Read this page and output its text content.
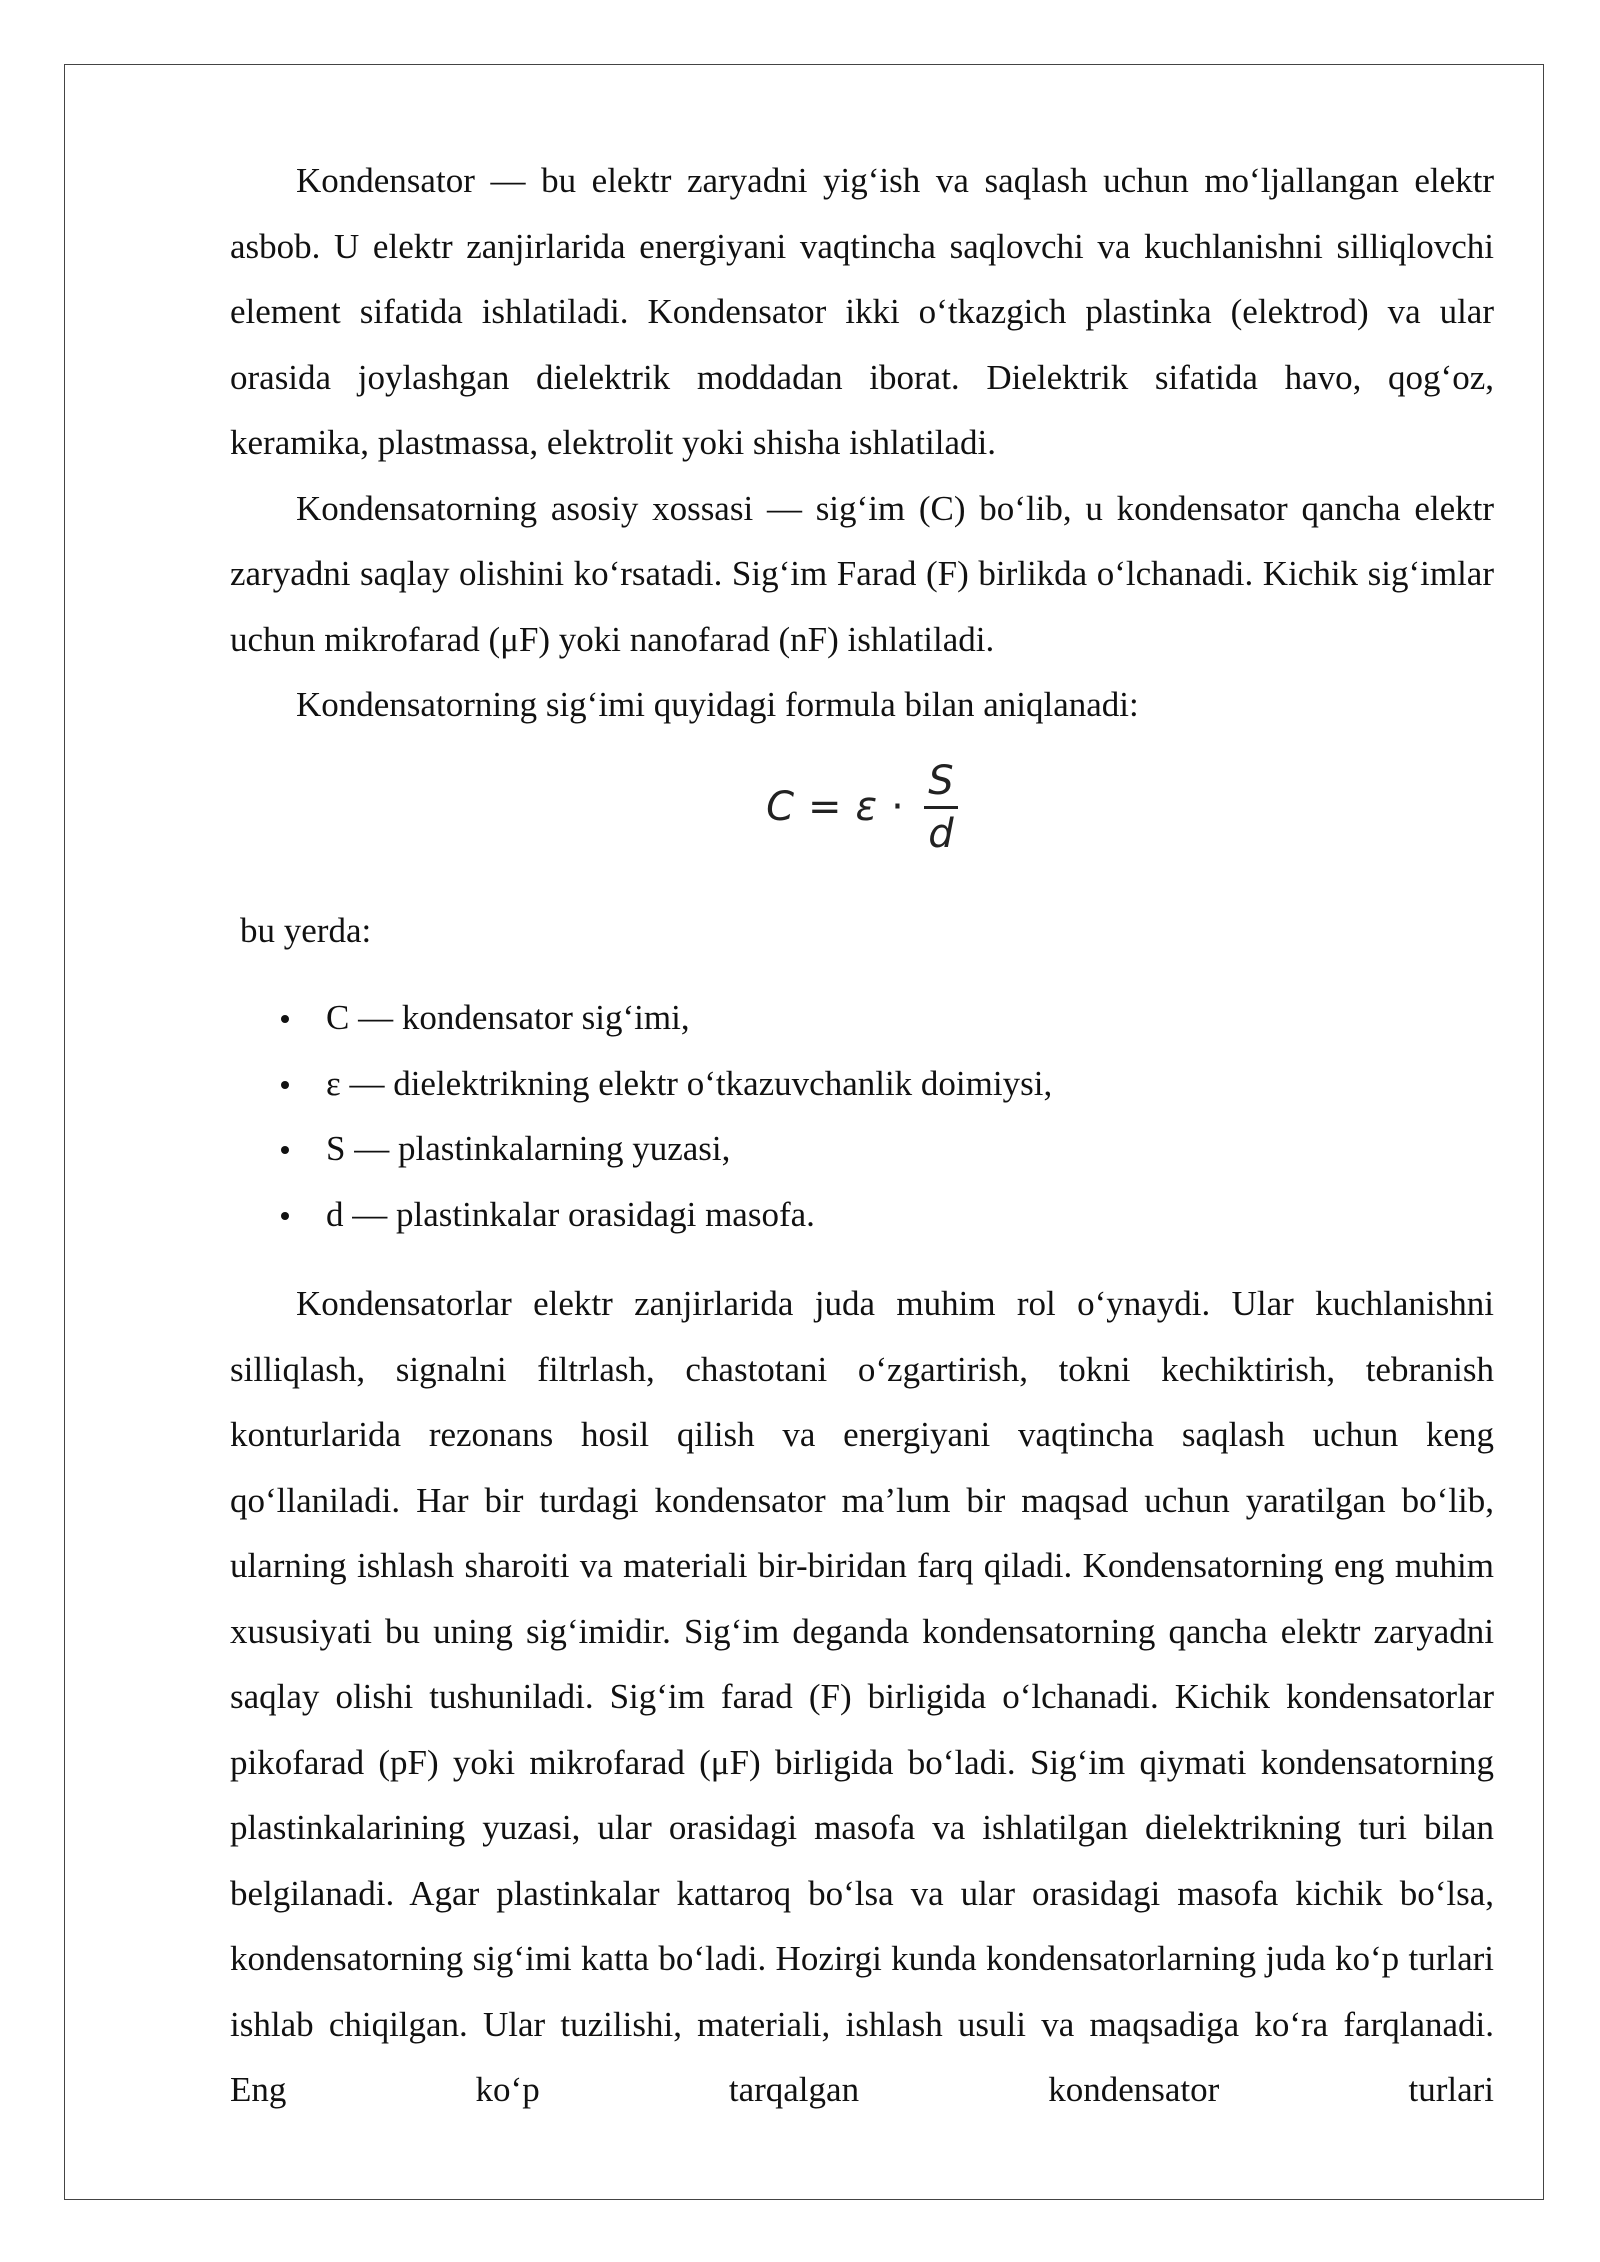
Kondensator — bu elektr zaryadni yig‘ish va saqlash uchun mo‘ljallangan elektr asbob. U elektr zanjirlarida energiyani vaqtincha saqlovchi va kuchlanishni silliqlovchi element sifatida ishlatiladi. Kondensator ikki o‘tkazgich plastinka (elektrod) va ular orasida joylashgan dielektrik moddadan iborat. Dielektrik sifatida havo, qog‘oz, keramika, plastmassa, elektrolit yoki shisha ishlatiladi.

Kondensatorning asosiy xossasi — sig‘im (C) bo‘lib, u kondensator qancha elektr zaryadni saqlay olishini ko‘rsatadi. Sig‘im Farad (F) birlikda o‘lchanadi. Kichik sig‘imlar uchun mikrofarad (μF) yoki nanofarad (nF) ishlatiladi.

Kondensatorning sig‘imi quyidagi formula bilan aniqlanadi:

$C = \varepsilon \cdot \frac{S}{d}$

bu yerda:

C — kondensator sig‘imi,
ε — dielektrikning elektr o‘tkazuvchanlik doimiysi,
S — plastinkalarning yuzasi,
d — plastinkalar orasidagi masofa.

Kondensatorlar elektr zanjirlarida juda muhim rol o‘ynaydi. Ular kuchlanishni silliqlash, signalni filtrlash, chastotani o‘zgartirish, tokni kechiktirish, tebranish konturlarida rezonans hosil qilish va energiyani vaqtincha saqlash uchun keng qo‘llaniladi. Har bir turdagi kondensator ma’lum bir maqsad uchun yaratilgan bo‘lib, ularning ishlash sharoiti va materiali bir-biridan farq qiladi. Kondensatorning eng muhim xususiyati bu uning sig‘imidir. Sig‘im deganda kondensatorning qancha elektr zaryadni saqlay olishi tushuniladi. Sig‘im farad (F) birligida o‘lchanadi. Kichik kondensatorlar pikofarad (pF) yoki mikrofarad (μF) birligida bo‘ladi. Sig‘im qiymati kondensatorning plastinkalarining yuzasi, ular orasidagi masofa va ishlatilgan dielektrikning turi bilan belgilanadi. Agar plastinkalar kattaroq bo‘lsa va ular orasidagi masofa kichik bo‘lsa, kondensatorning sig‘imi katta bo‘ladi. Hozirgi kunda kondensatorlarning juda ko‘p turlari ishlab chiqilgan. Ular tuzilishi, materiali, ishlash usuli va maqsadiga ko‘ra farqlanadi. Eng ko‘p tarqalgan kondensator turlari
